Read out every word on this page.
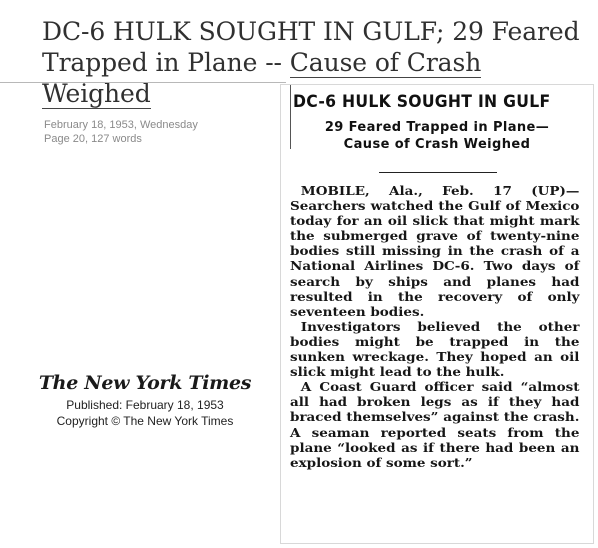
DC-6 HULK SOUGHT IN GULF; 29 Feared Trapped in Plane -- Cause of Crash Weighed
February 18, 1953, Wednesday
Page 20, 127 words
The New York Times
Published: February 18, 1953
Copyright © The New York Times
DC-6 HULK SOUGHT IN GULF
29 Feared Trapped in Plane—
Cause of Crash Weighed

MOBILE, Ala., Feb. 17 (UP)—Searchers watched the Gulf of Mexico today for an oil slick that might mark the submerged grave of twenty-nine bodies still missing in the crash of a National Airlines DC-6. Two days of search by ships and planes had resulted in the recovery of only seventeen bodies.

Investigators believed the other bodies might be trapped in the sunken wreckage. They hoped an oil slick might lead to the hulk.

A Coast Guard officer said “almost all had broken legs as if they had braced themselves” against the crash. A seaman reported seats from the plane “looked as if there had been an explosion of some sort.”
